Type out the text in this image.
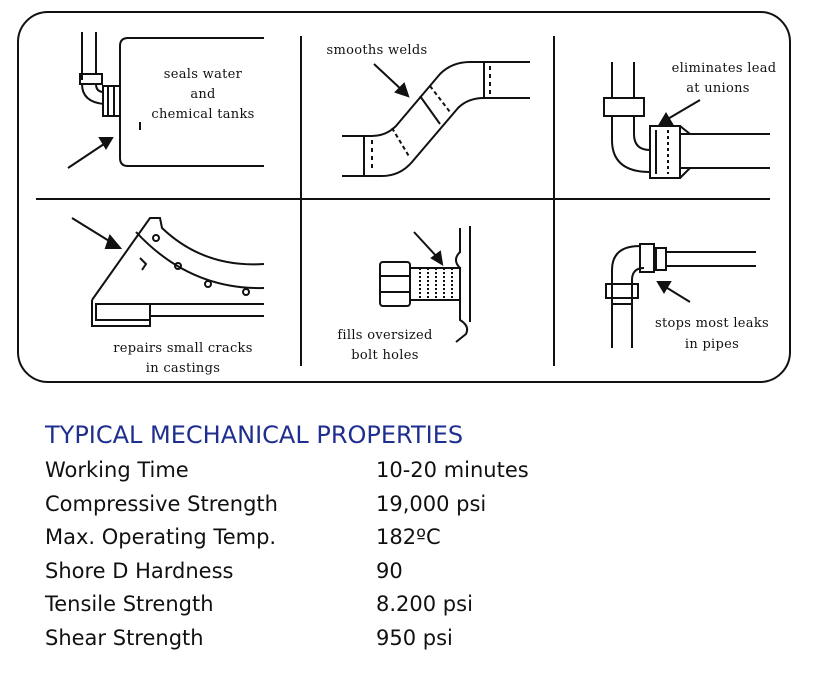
seals water
and
chemical tanks
smooths welds
eliminates lead
at unions
repairs small cracks
in castings
fills oversized
bolt holes
stops most leaks
in pipes
TYPICAL MECHANICAL PROPERTIES
Working Time	10-20 minutes
Compressive Strength	19,000 psi
Max. Operating Temp.	182ºC
Shore D Hardness	90
Tensile Strength	8.200 psi
Shear Strength	950 psi
